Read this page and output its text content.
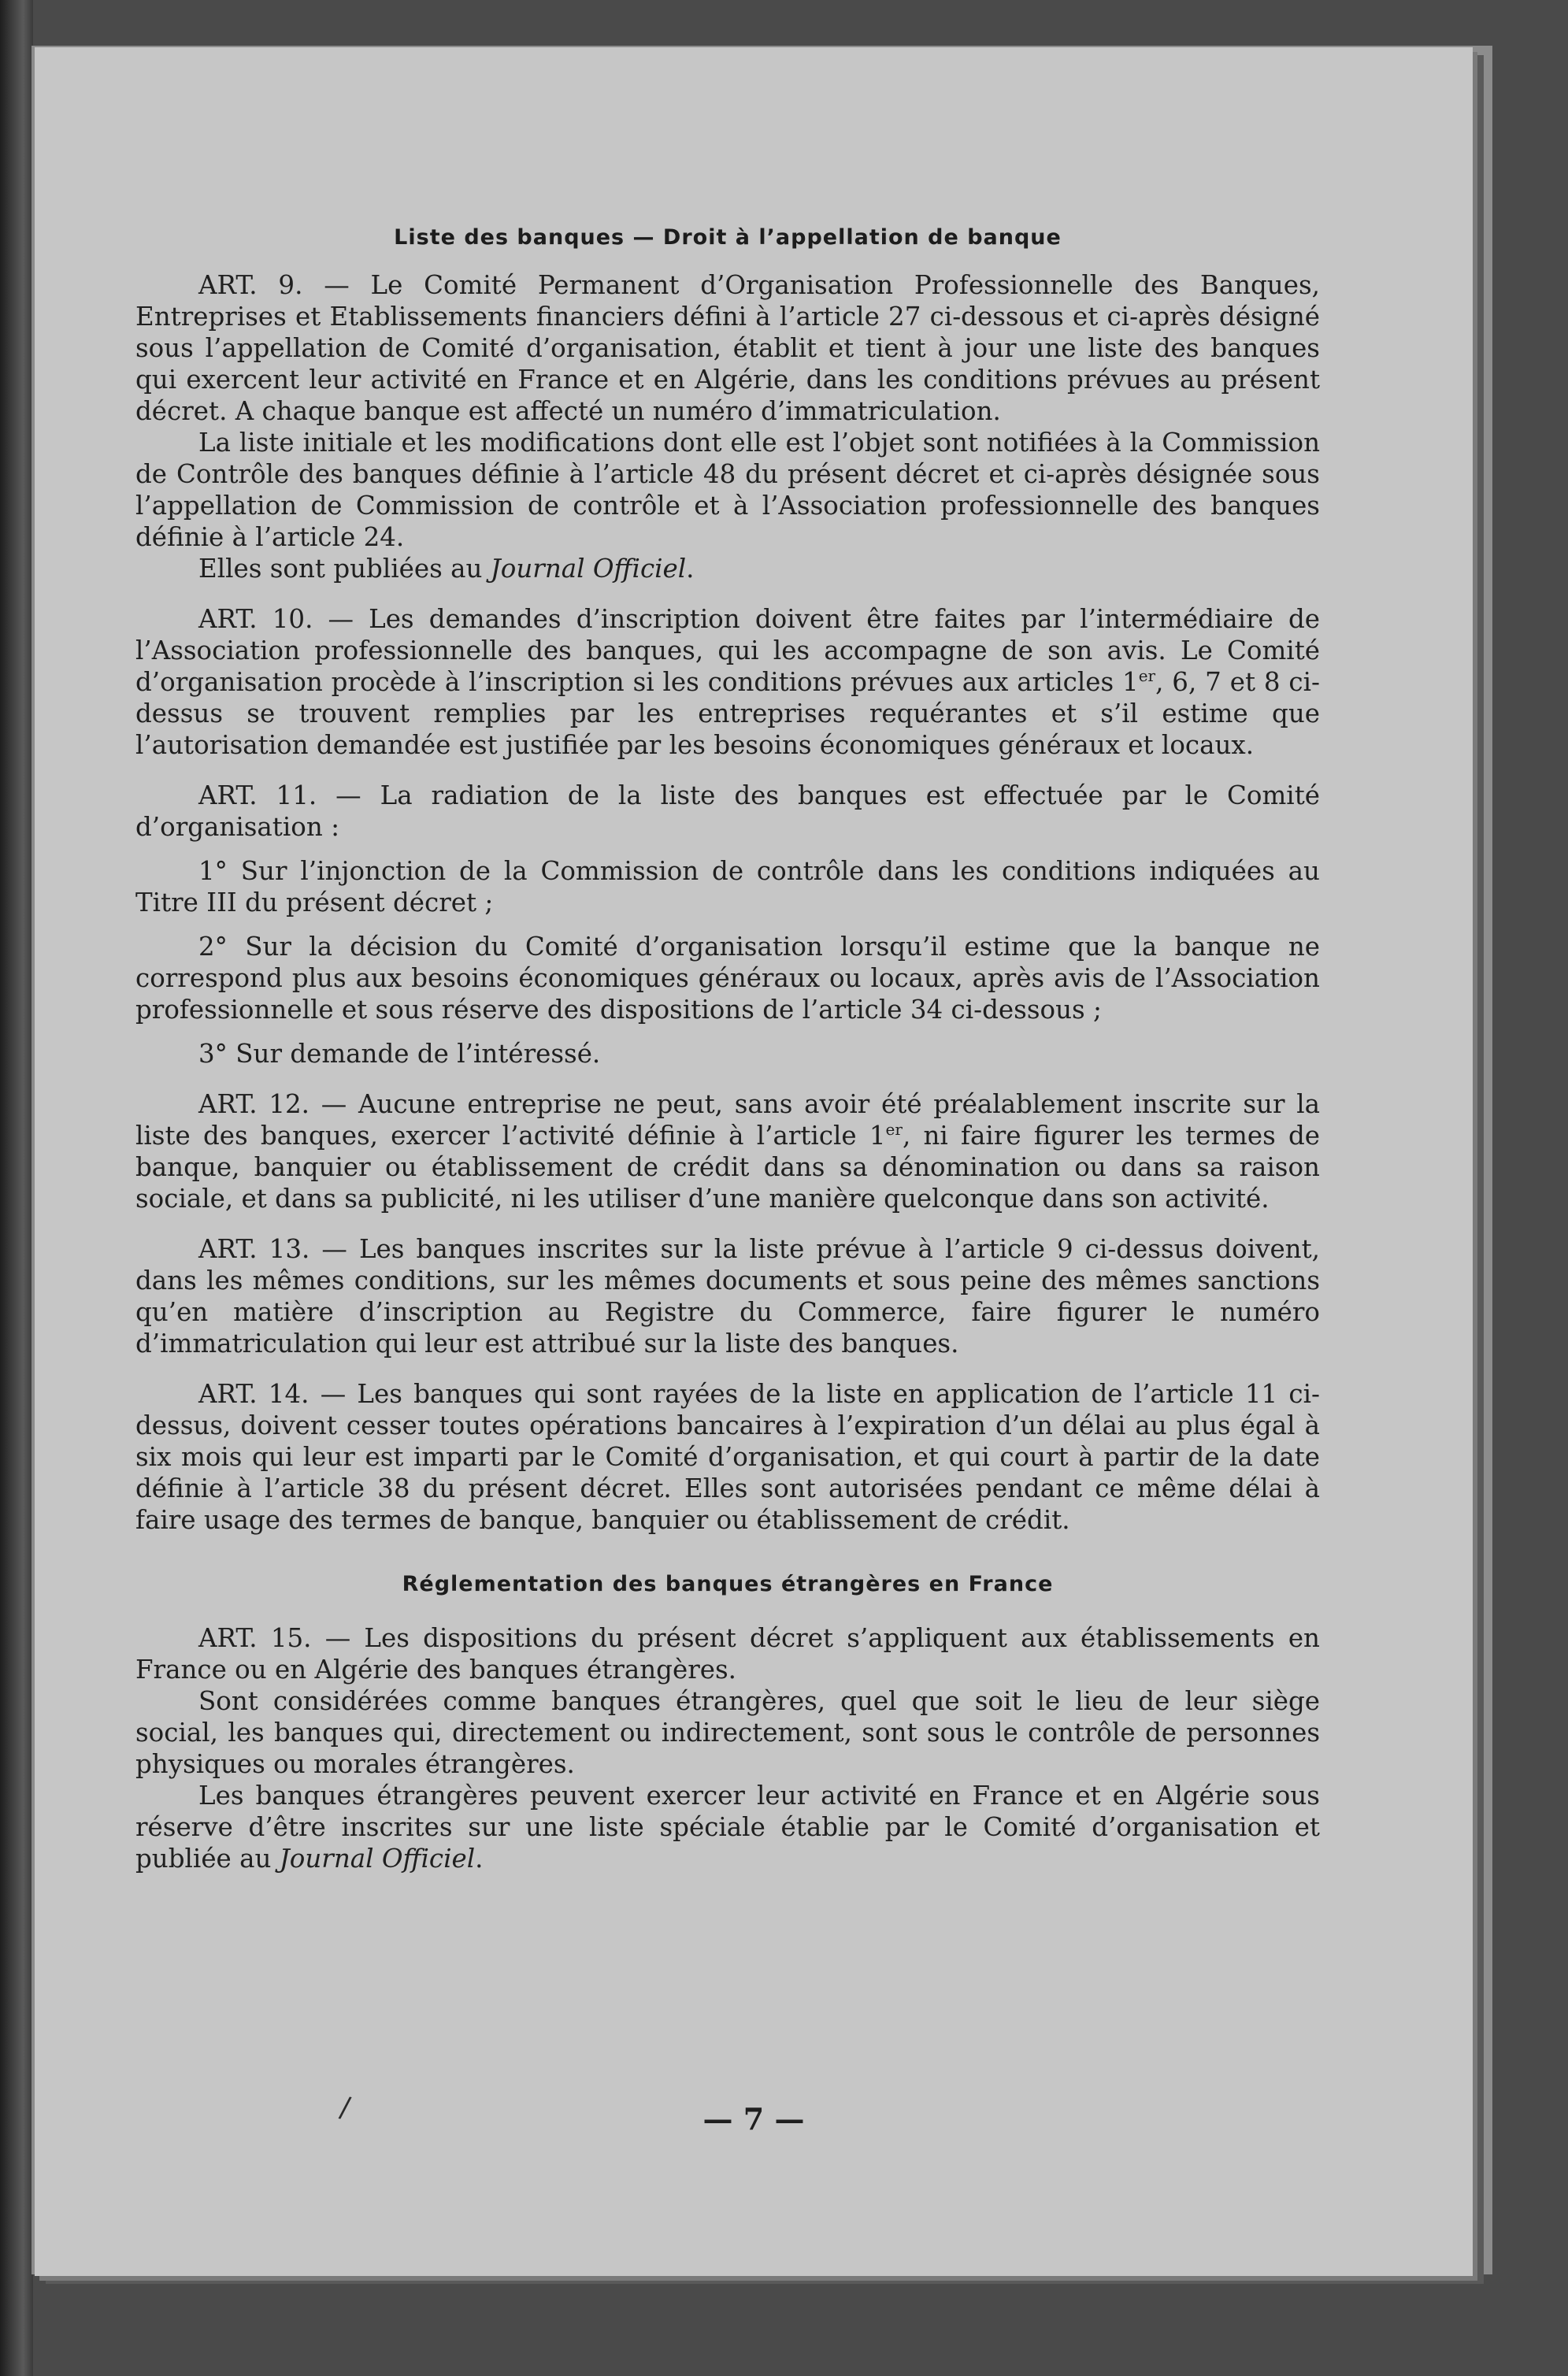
Liste des banques — Droit à l’appellation de banque

ART. 9. — Le Comité Permanent d’Organisation Professionnelle des Banques, Entreprises et Etablissements financiers défini à l’article 27 ci-dessous et ci-après désigné sous l’appellation de Comité d’organisation, établit et tient à jour une liste des banques qui exercent leur activité en France et en Algérie, dans les conditions prévues au présent décret. A chaque banque est affecté un numéro d’immatriculation.

La liste initiale et les modifications dont elle est l’objet sont notifiées à la Commission de Contrôle des banques définie à l’article 48 du présent décret et ci-après désignée sous l’appellation de Commission de contrôle et à l’Association professionnelle des banques définie à l’article 24.

Elles sont publiées au Journal Officiel.

ART. 10. — Les demandes d’inscription doivent être faites par l’intermédiaire de l’Association professionnelle des banques, qui les accompagne de son avis. Le Comité d’organisation procède à l’inscription si les conditions prévues aux articles 1er, 6, 7 et 8 ci-dessus se trouvent remplies par les entreprises requérantes et s’il estime que l’autorisation demandée est justifiée par les besoins économiques généraux et locaux.

ART. 11. — La radiation de la liste des banques est effectuée par le Comité d’organisation :

1° Sur l’injonction de la Commission de contrôle dans les conditions indiquées au Titre III du présent décret ;

2° Sur la décision du Comité d’organisation lorsqu’il estime que la banque ne correspond plus aux besoins économiques généraux ou locaux, après avis de l’Association professionnelle et sous réserve des dispositions de l’article 34 ci-dessous ;

3° Sur demande de l’intéressé.

ART. 12. — Aucune entreprise ne peut, sans avoir été préalablement inscrite sur la liste des banques, exercer l’activité définie à l’article 1er, ni faire figurer les termes de banque, banquier ou établissement de crédit dans sa dénomination ou dans sa raison sociale, et dans sa publicité, ni les utiliser d’une manière quelconque dans son activité.

ART. 13. — Les banques inscrites sur la liste prévue à l’article 9 ci-dessus doivent, dans les mêmes conditions, sur les mêmes documents et sous peine des mêmes sanctions qu’en matière d’inscription au Registre du Commerce, faire figurer le numéro d’immatriculation qui leur est attribué sur la liste des banques.

ART. 14. — Les banques qui sont rayées de la liste en application de l’article 11 ci-dessus, doivent cesser toutes opérations bancaires à l’expiration d’un délai au plus égal à six mois qui leur est imparti par le Comité d’organisation, et qui court à partir de la date définie à l’article 38 du présent décret. Elles sont autorisées pendant ce même délai à faire usage des termes de banque, banquier ou établissement de crédit.

Réglementation des banques étrangères en France

ART. 15. — Les dispositions du présent décret s’appliquent aux établissements en France ou en Algérie des banques étrangères.

Sont considérées comme banques étrangères, quel que soit le lieu de leur siège social, les banques qui, directement ou indirectement, sont sous le contrôle de personnes physiques ou morales étrangères.

Les banques étrangères peuvent exercer leur activité en France et en Algérie sous réserve d’être inscrites sur une liste spéciale établie par le Comité d’organisation et publiée au Journal Officiel.

/	— 7 —
